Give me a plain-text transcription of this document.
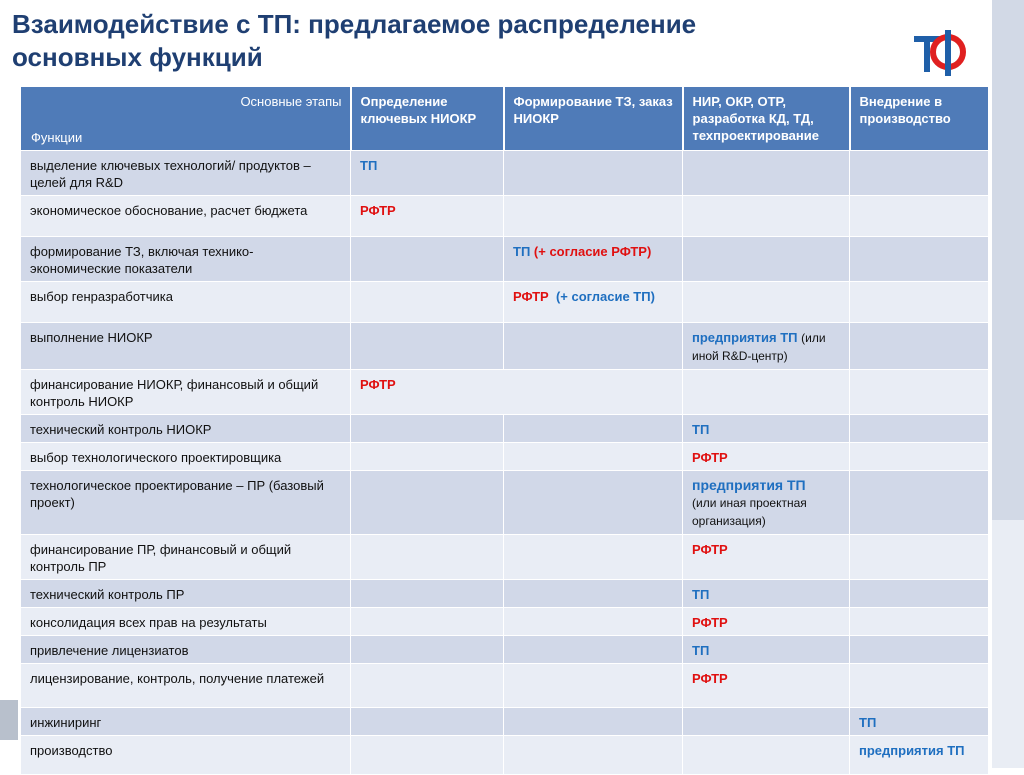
Взаимодействие с ТП: предлагаемое распределение
основных функций
Основные этапы
Функции	Определение ключевых НИОКР	Формирование ТЗ, заказ НИОКР	НИР, ОКР, ОТР, разработка КД, ТД, техпроектирование	Внедрение в производство
выделение ключевых технологий/ продуктов – целей для R&D	ТП			
экономическое обоснование, расчет бюджета	РФТР			
формирование ТЗ, включая технико-экономические показатели		ТП (+ согласие РФТР)		
выбор генразработчика		РФТР (+ согласие ТП)		
выполнение НИОКР			предприятия ТП (или иной R&D-центр)	
финансирование НИОКР, финансовый и общий контроль НИОКР	РФТР			
технический контроль НИОКР			ТП	
выбор технологического проектировщика			РФТР	
технологическое проектирование – ПР (базовый проект)			предприятия ТП
(или иная проектная организация)	
финансирование ПР, финансовый и общий контроль ПР			РФТР	
технический контроль ПР			ТП	
консолидация всех прав на результаты			РФТР	
привлечение лицензиатов			ТП	
лицензирование, контроль, получение платежей			РФТР	
инжиниринг				ТП
производство				предприятия ТП
